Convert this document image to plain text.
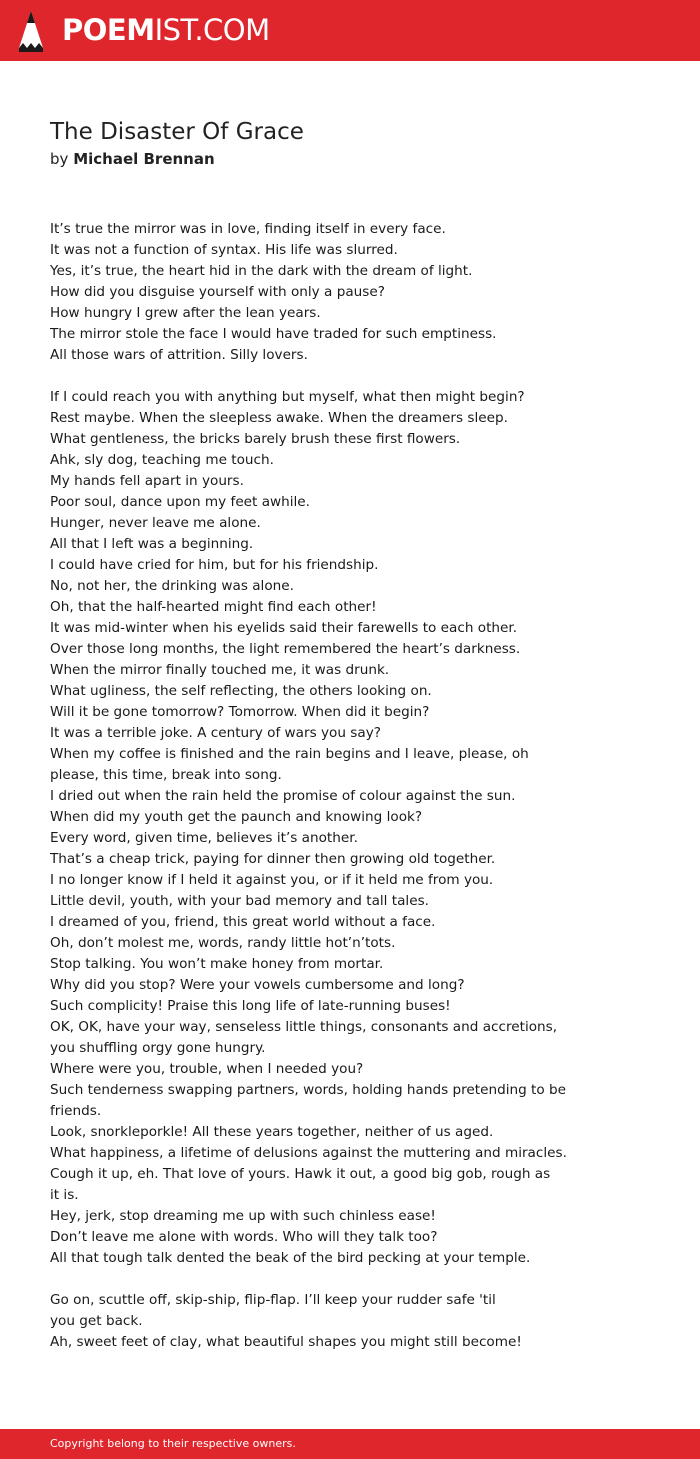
POEMIST.COM
The Disaster Of Grace
by Michael Brennan
It’s true the mirror was in love, finding itself in every face.
It was not a function of syntax. His life was slurred.
Yes, it’s true, the heart hid in the dark with the dream of light.
How did you disguise yourself with only a pause?
How hungry I grew after the lean years.
The mirror stole the face I would have traded for such emptiness.
All those wars of attrition. Silly lovers.
If I could reach you with anything but myself, what then might begin?
Rest maybe. When the sleepless awake. When the dreamers sleep.
What gentleness, the bricks barely brush these first flowers.
Ahk, sly dog, teaching me touch.
My hands fell apart in yours.
Poor soul, dance upon my feet awhile.
Hunger, never leave me alone.
All that I left was a beginning.
I could have cried for him, but for his friendship.
No, not her, the drinking was alone.
Oh, that the half-hearted might find each other!
It was mid-winter when his eyelids said their farewells to each other.
Over those long months, the light remembered the heart’s darkness.
When the mirror finally touched me, it was drunk.
What ugliness, the self reflecting, the others looking on.
Will it be gone tomorrow? Tomorrow. When did it begin?
It was a terrible joke. A century of wars you say?
When my coffee is finished and the rain begins and I leave, please, oh
please, this time, break into song.
I dried out when the rain held the promise of colour against the sun.
When did my youth get the paunch and knowing look?
Every word, given time, believes it’s another.
That’s a cheap trick, paying for dinner then growing old together.
I no longer know if I held it against you, or if it held me from you.
Little devil, youth, with your bad memory and tall tales.
I dreamed of you, friend, this great world without a face.
Oh, don’t molest me, words, randy little hot’n’tots.
Stop talking. You won’t make honey from mortar.
Why did you stop? Were your vowels cumbersome and long?
Such complicity! Praise this long life of late-running buses!
OK, OK, have your way, senseless little things, consonants and accretions,
you shuffling orgy gone hungry.
Where were you, trouble, when I needed you?
Such tenderness swapping partners, words, holding hands pretending to be
friends.
Look, snorkleporkle! All these years together, neither of us aged.
What happiness, a lifetime of delusions against the muttering and miracles.
Cough it up, eh. That love of yours. Hawk it out, a good big gob, rough as
it is.
Hey, jerk, stop dreaming me up with such chinless ease!
Don’t leave me alone with words. Who will they talk too?
All that tough talk dented the beak of the bird pecking at your temple.
Go on, scuttle off, skip-ship, flip-flap. I’ll keep your rudder safe 'til
you get back.
Ah, sweet feet of clay, what beautiful shapes you might still become!
Copyright belong to their respective owners.
